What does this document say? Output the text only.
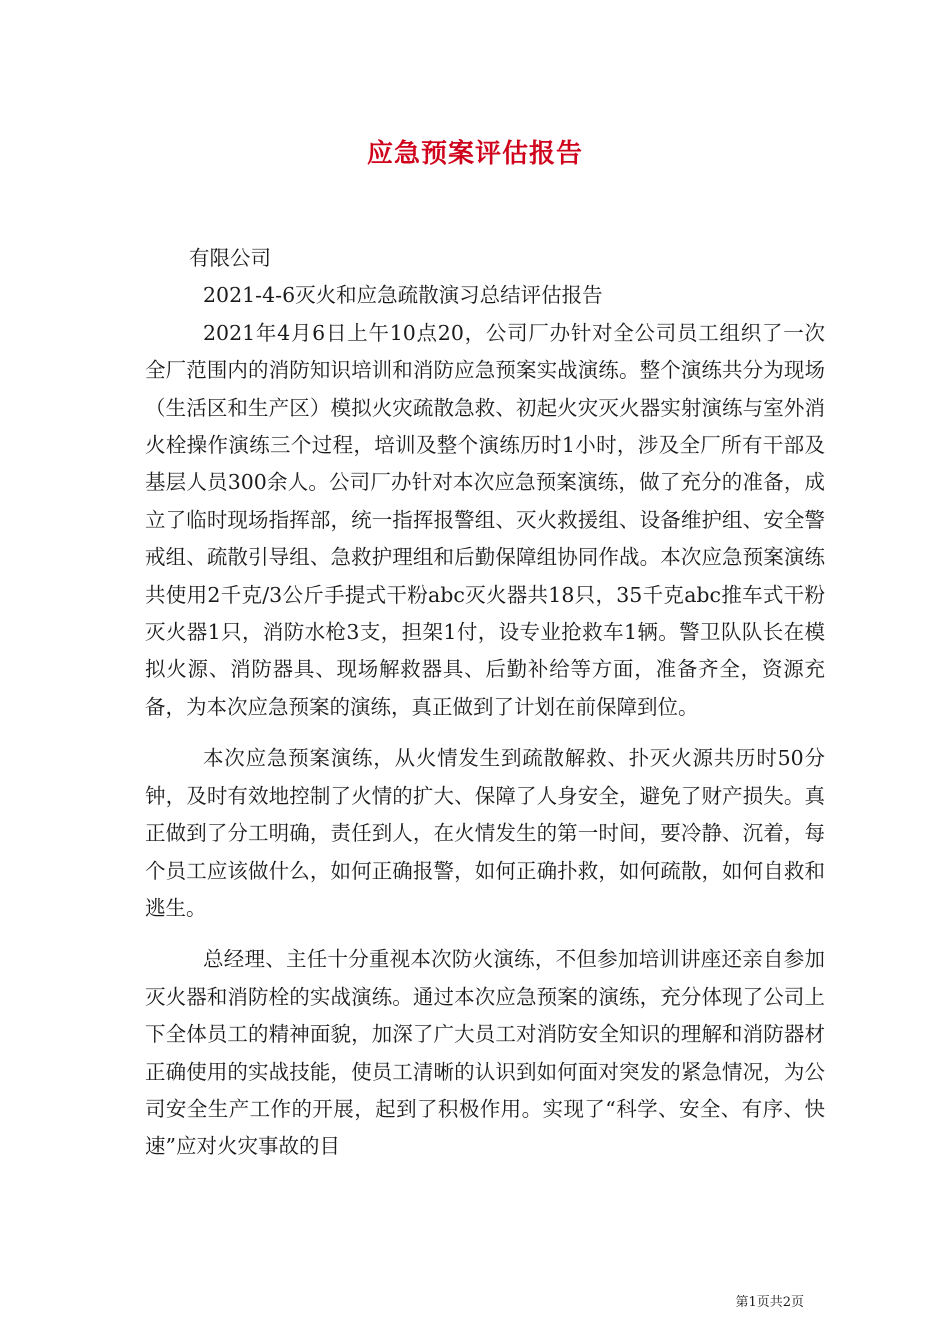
应急预案评估报告

有限公司

2021-4-6灭火和应急疏散演习总结评估报告

2021年4月6日上午10点20，公司厂办针对全公司员工组织了一次全厂范围内的消防知识培训和消防应急预案实战演练。整个演练共分为现场（生活区和生产区）模拟火灾疏散急救、初起火灾灭火器实射演练与室外消火栓操作演练三个过程，培训及整个演练历时1小时，涉及全厂所有干部及基层人员300余人。公司厂办针对本次应急预案演练，做了充分的准备，成立了临时现场指挥部，统一指挥报警组、灭火救援组、设备维护组、安全警戒组、疏散引导组、急救护理组和后勤保障组协同作战。本次应急预案演练共使用2千克/3公斤手提式干粉abc灭火器共18只，35千克abc推车式干粉灭火器1只，消防水枪3支，担架1付，设专业抢救车1辆。警卫队队长在模拟火源、消防器具、现场解救器具、后勤补给等方面，准备齐全，资源充备，为本次应急预案的演练，真正做到了计划在前保障到位。

本次应急预案演练，从火情发生到疏散解救、扑灭火源共历时50分钟，及时有效地控制了火情的扩大、保障了人身安全，避免了财产损失。真正做到了分工明确，责任到人，在火情发生的第一时间，要冷静、沉着，每个员工应该做什么，如何正确报警，如何正确扑救，如何疏散，如何自救和逃生。

总经理、主任十分重视本次防火演练，不但参加培训讲座还亲自参加灭火器和消防栓的实战演练。通过本次应急预案的演练，充分体现了公司上下全体员工的精神面貌，加深了广大员工对消防安全知识的理解和消防器材正确使用的实战技能，使员工清晰的认识到如何面对突发的紧急情况，为公司安全生产工作的开展，起到了积极作用。实现了“科学、安全、有序、快速”应对火灾事故的目

第1页共2页
